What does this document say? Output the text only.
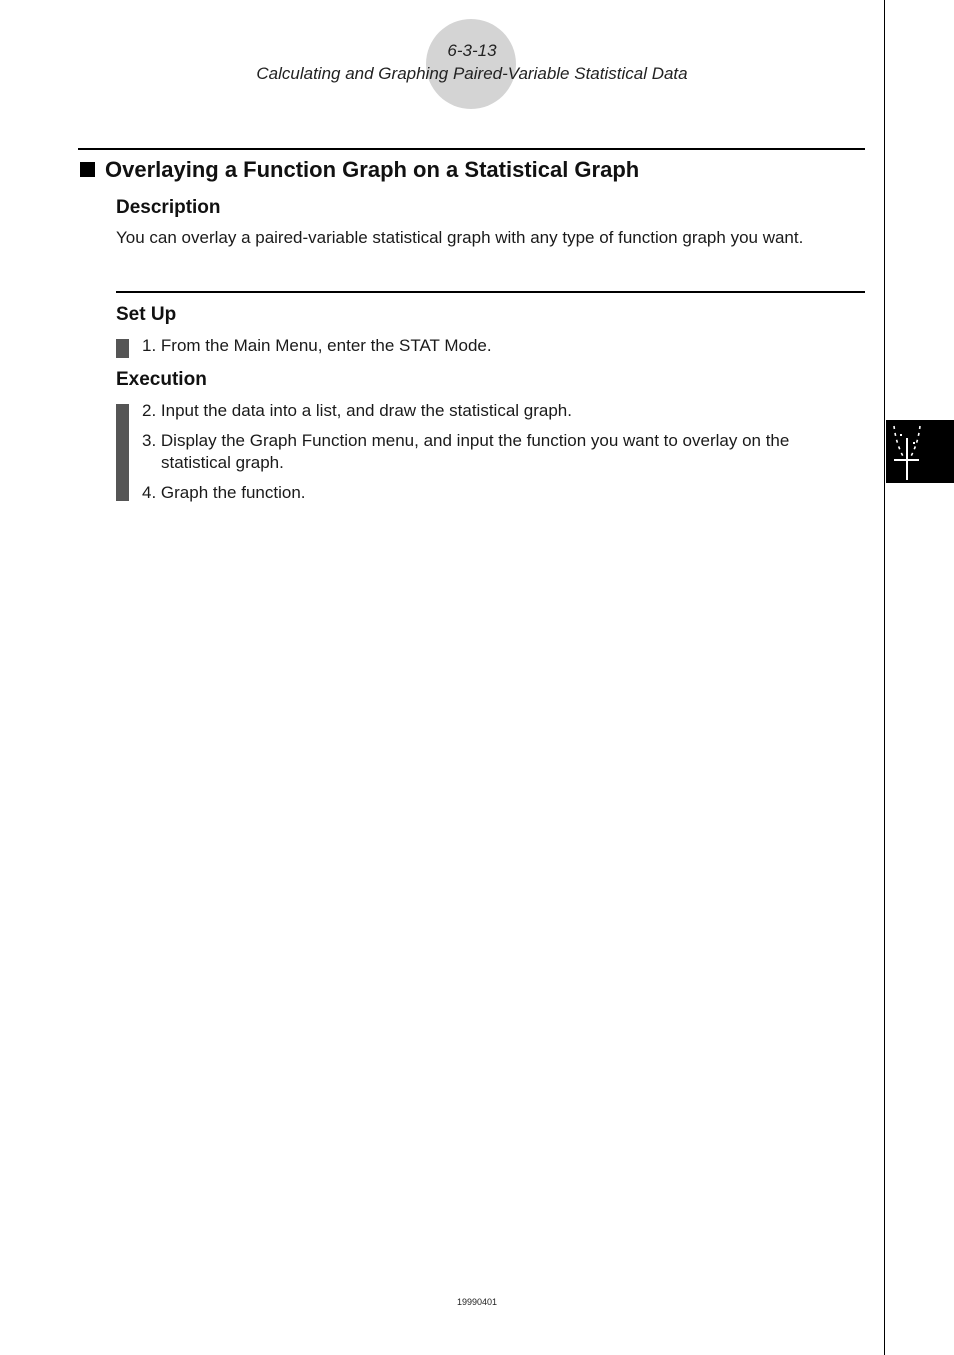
6-3-13
Calculating and Graphing Paired-Variable Statistical Data
Overlaying a Function Graph on a Statistical Graph
Description
You can overlay a paired-variable statistical graph with any type of function graph you want.
Set Up
1. From the Main Menu, enter the STAT Mode.
Execution
2. Input the data into a list, and draw the statistical graph.
3. Display the Graph Function menu, and input the function you want to overlay on the
statistical graph.
4. Graph the function.
19990401
